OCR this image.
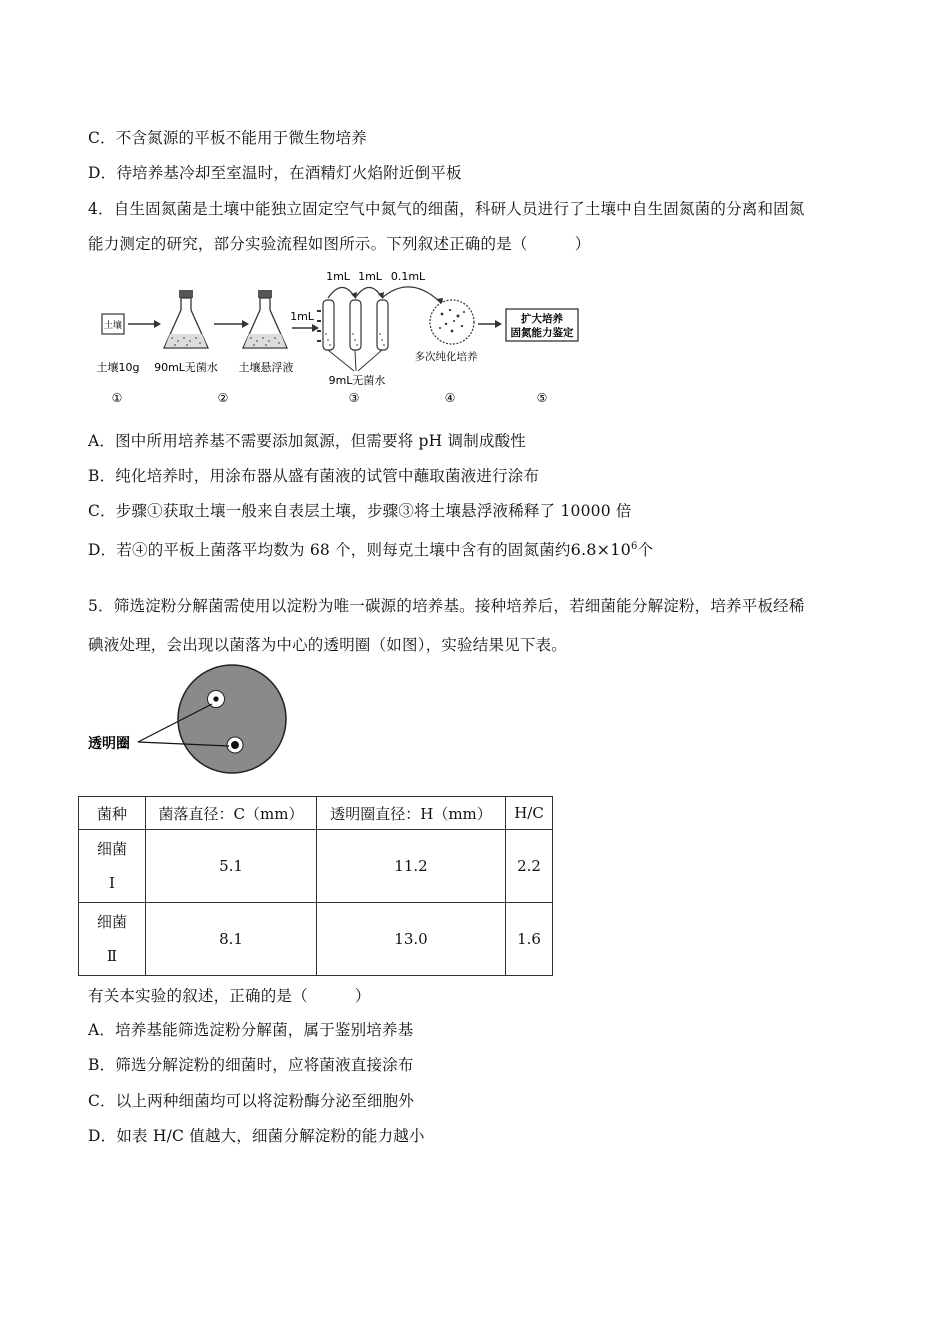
C．不含氮源的平板不能用于微生物培养
D．待培养基冷却至室温时，在酒精灯火焰附近倒平板
4．自生固氮菌是土壤中能独立固定空气中氮气的细菌，科研人员进行了土壤中自生固氮菌的分离和固氮
能力测定的研究，部分实验流程如图所示。下列叙述正确的是（　　　）
土壤
1mL
1mL 1mL 0.1mL
扩大培养
固氮能力鉴定
土壤10g 90mL无菌水 土壤悬浮液
9mL无菌水
多次纯化培养
①	②	③	④	⑤
A．图中所用培养基不需要添加氮源，但需要将 pH 调制成酸性
B．纯化培养时，用涂布器从盛有菌液的试管中蘸取菌液进行涂布
C．步骤①获取土壤一般来自表层土壤，步骤③将土壤悬浮液稀释了 10000 倍
D．若④的平板上菌落平均数为 68 个，则每克土壤中含有的固氮菌约$6.8\times 10^6$个
5．筛选淀粉分解菌需使用以淀粉为唯一碳源的培养基。接种培养后，若细菌能分解淀粉，培养平板经稀
碘液处理，会出现以菌落为中心的透明圈（如图），实验结果见下表。
透明圈
菌种	菌落直径：C（mm）	透明圈直径：H（mm）	H/C
细菌
Ⅰ	5.1	11.2	2.2
细菌
Ⅱ	8.1	13.0	1.6
有关本实验的叙述，正确的是（　　　）
A．培养基能筛选淀粉分解菌，属于鉴别培养基
B．筛选分解淀粉的细菌时，应将菌液直接涂布
C．以上两种细菌均可以将淀粉酶分泌至细胞外
D．如表 H/C 值越大，细菌分解淀粉的能力越小
